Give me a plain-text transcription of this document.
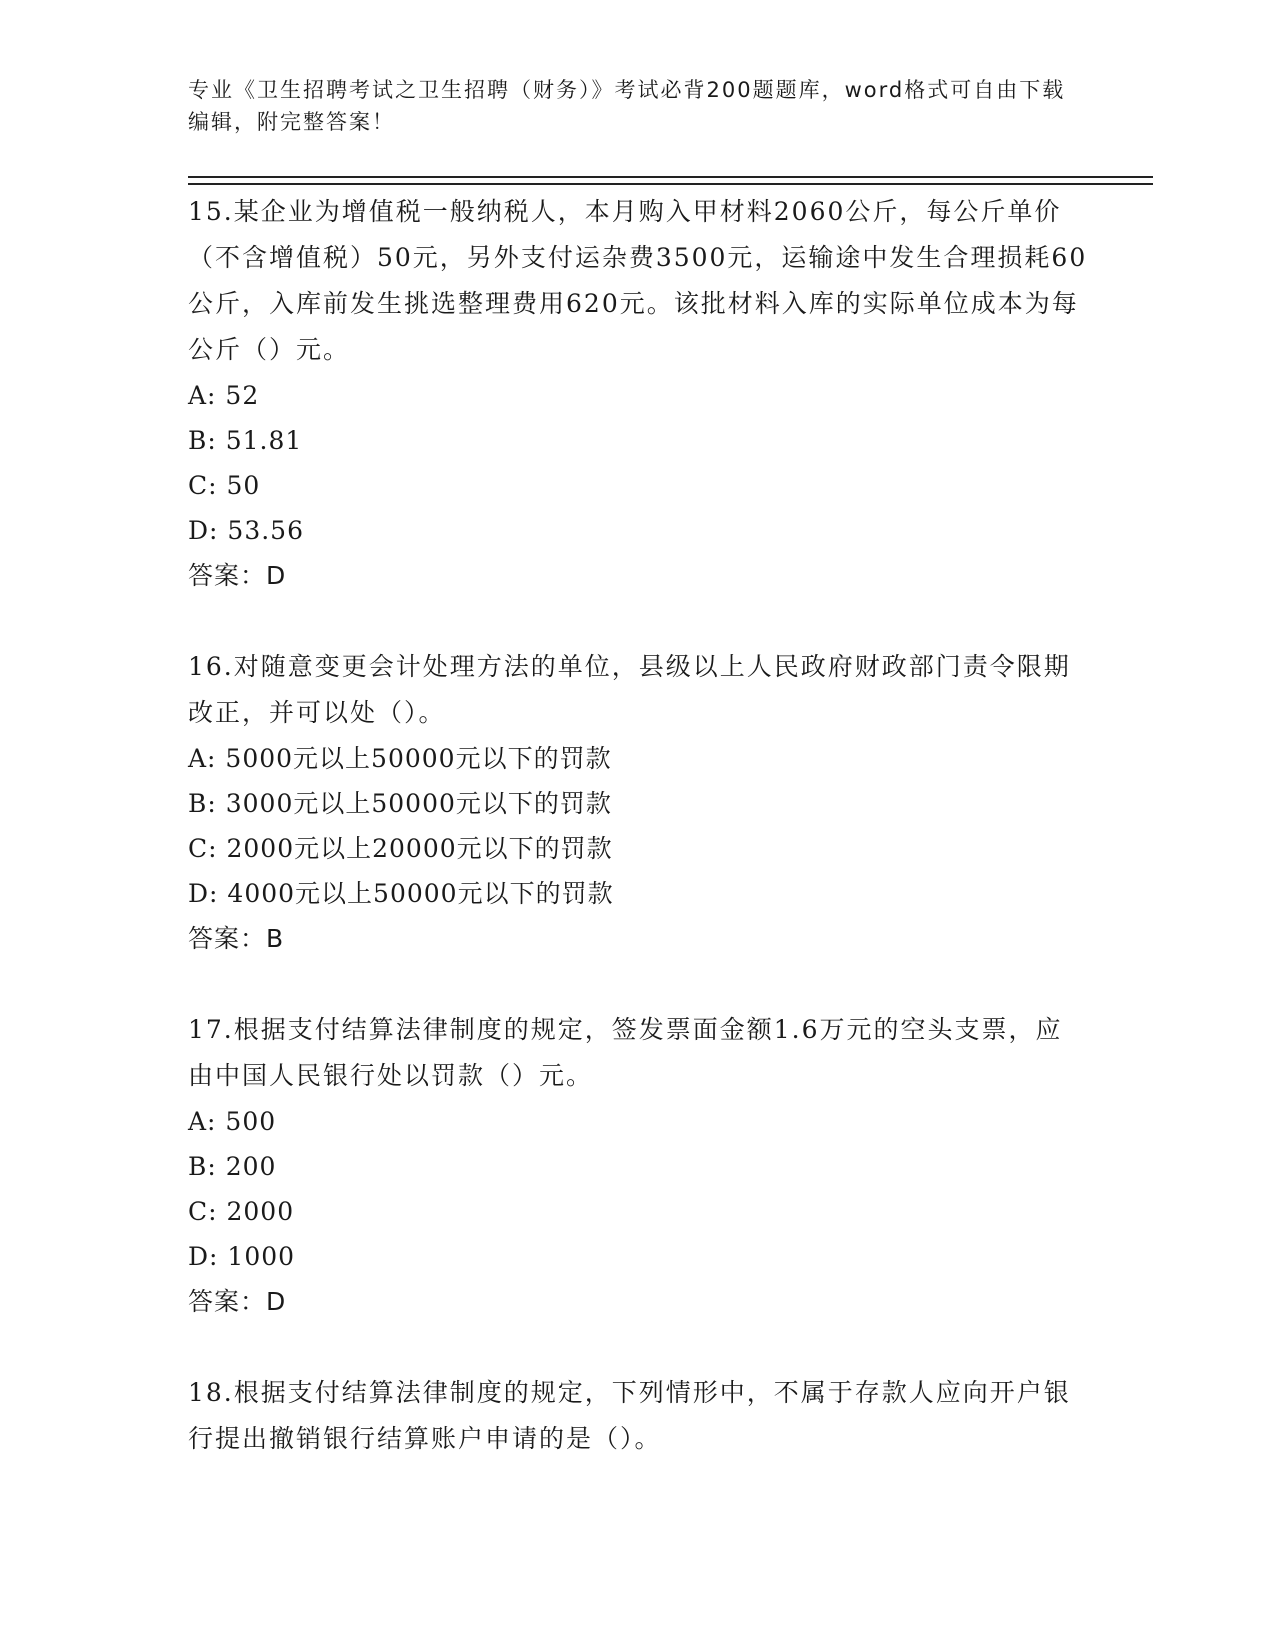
专业《卫生招聘考试之卫生招聘（财务）》考试必背200题题库，word格式可自由下载编辑，附完整答案！
15.某企业为增值税一般纳税人，本月购入甲材料2060公斤，每公斤单价（不含增值税）50元，另外支付运杂费3500元，运输途中发生合理损耗60公斤，入库前发生挑选整理费用620元。该批材料入库的实际单位成本为每公斤（）元。
A: 52
B: 51.81
C: 50
D: 53.56
答案：D
16.对随意变更会计处理方法的单位，县级以上人民政府财政部门责令限期改正，并可以处（）。
A: 5000元以上50000元以下的罚款
B: 3000元以上50000元以下的罚款
C: 2000元以上20000元以下的罚款
D: 4000元以上50000元以下的罚款
答案：B
17.根据支付结算法律制度的规定，签发票面金额1.6万元的空头支票，应由中国人民银行处以罚款（）元。
A: 500
B: 200
C: 2000
D: 1000
答案：D
18.根据支付结算法律制度的规定，下列情形中，不属于存款人应向开户银行提出撤销银行结算账户申请的是（）。
